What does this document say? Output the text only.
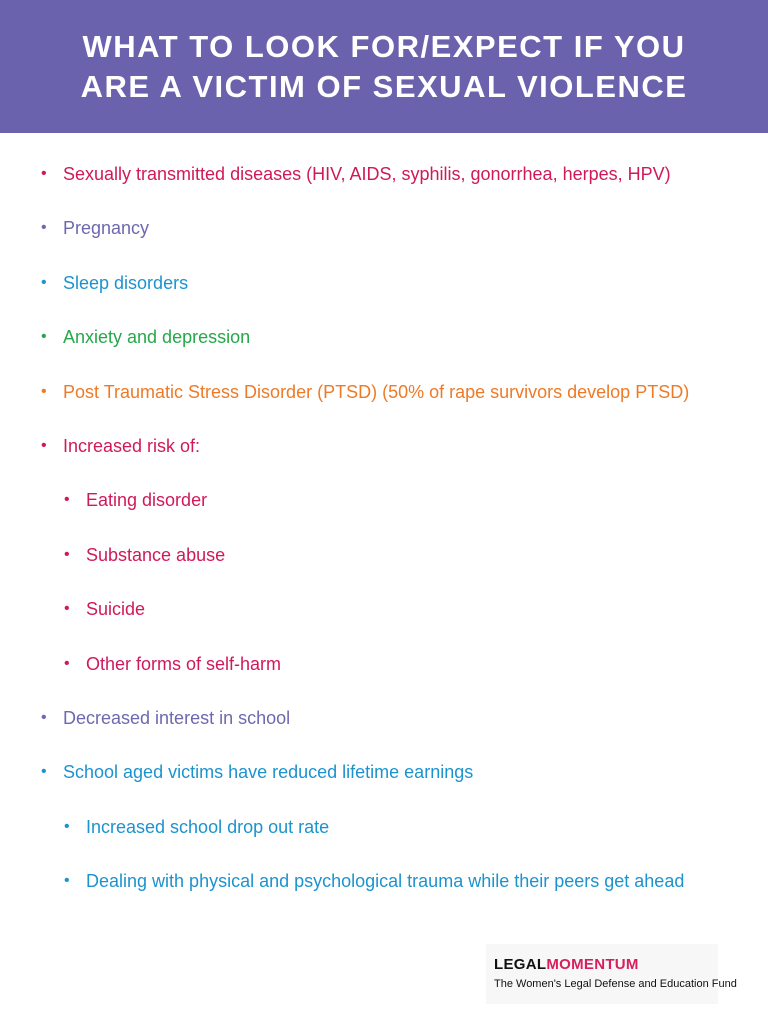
WHAT TO LOOK FOR/EXPECT IF YOU
ARE A VICTIM OF SEXUAL VIOLENCE
• Sexually transmitted diseases (HIV, AIDS, syphilis, gonorrhea, herpes, HPV)
• Pregnancy
• Sleep disorders
• Anxiety and depression
• Post Traumatic Stress Disorder (PTSD) (50% of rape survivors develop PTSD)
• Increased risk of:
• Eating disorder
• Substance abuse
• Suicide
• Other forms of self-harm
• Decreased interest in school
• School aged victims have reduced lifetime earnings
• Increased school drop out rate
• Dealing with physical and psychological trauma while their peers get ahead
LEGALMOMENTUM
The Women's Legal Defense and Education Fund
